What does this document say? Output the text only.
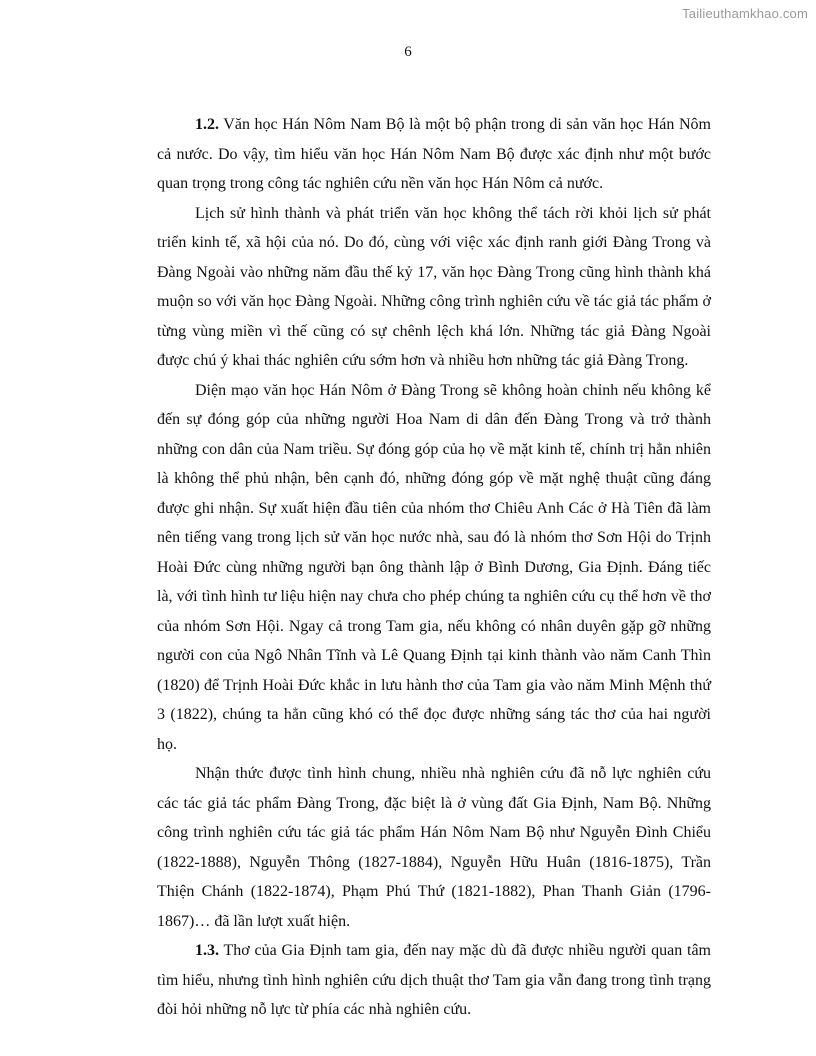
Tailieuthamkhao.com
6

1.2. Văn học Hán Nôm Nam Bộ là một bộ phận trong di sản văn học Hán Nôm cả nước. Do vậy, tìm hiểu văn học Hán Nôm Nam Bộ được xác định như một bước quan trọng trong công tác nghiên cứu nền văn học Hán Nôm cả nước.

Lịch sử hình thành và phát triển văn học không thể tách rời khỏi lịch sử phát triển kinh tế, xã hội của nó. Do đó, cùng với việc xác định ranh giới Đàng Trong và Đàng Ngoài vào những năm đầu thế kỷ 17, văn học Đàng Trong cũng hình thành khá muộn so với văn học Đàng Ngoài. Những công trình nghiên cứu về tác giả tác phẩm ở từng vùng miền vì thế cũng có sự chênh lệch khá lớn. Những tác giả Đàng Ngoài được chú ý khai thác nghiên cứu sớm hơn và nhiều hơn những tác giả Đàng Trong.

Diện mạo văn học Hán Nôm ở Đàng Trong sẽ không hoàn chỉnh nếu không kể đến sự đóng góp của những người Hoa Nam di dân đến Đàng Trong và trở thành những con dân của Nam triều. Sự đóng góp của họ về mặt kinh tế, chính trị hẳn nhiên là không thể phủ nhận, bên cạnh đó, những đóng góp về mặt nghệ thuật cũng đáng được ghi nhận. Sự xuất hiện đầu tiên của nhóm thơ Chiêu Anh Các ở Hà Tiên đã làm nên tiếng vang trong lịch sử văn học nước nhà, sau đó là nhóm thơ Sơn Hội do Trịnh Hoài Đức cùng những người bạn ông thành lập ở Bình Dương, Gia Định. Đáng tiếc là, với tình hình tư liệu hiện nay chưa cho phép chúng ta nghiên cứu cụ thể hơn về thơ của nhóm Sơn Hội. Ngay cả trong Tam gia, nếu không có nhân duyên gặp gỡ những người con của Ngô Nhân Tĩnh và Lê Quang Định tại kinh thành vào năm Canh Thìn (1820) để Trịnh Hoài Đức khắc in lưu hành thơ của Tam gia vào năm Minh Mệnh thứ 3 (1822), chúng ta hẳn cũng khó có thể đọc được những sáng tác thơ của hai người họ.

Nhận thức được tình hình chung, nhiều nhà nghiên cứu đã nỗ lực nghiên cứu các tác giả tác phẩm Đàng Trong, đặc biệt là ở vùng đất Gia Định, Nam Bộ. Những công trình nghiên cứu tác giả tác phẩm Hán Nôm Nam Bộ như Nguyễn Đình Chiểu (1822-1888), Nguyễn Thông (1827-1884), Nguyễn Hữu Huân (1816-1875), Trần Thiện Chánh (1822-1874), Phạm Phú Thứ (1821-1882), Phan Thanh Giản (1796-1867)… đã lần lượt xuất hiện.

1.3. Thơ của Gia Định tam gia, đến nay mặc dù đã được nhiều người quan tâm tìm hiểu, nhưng tình hình nghiên cứu dịch thuật thơ Tam gia vẫn đang trong tình trạng đòi hỏi những nỗ lực từ phía các nhà nghiên cứu.
